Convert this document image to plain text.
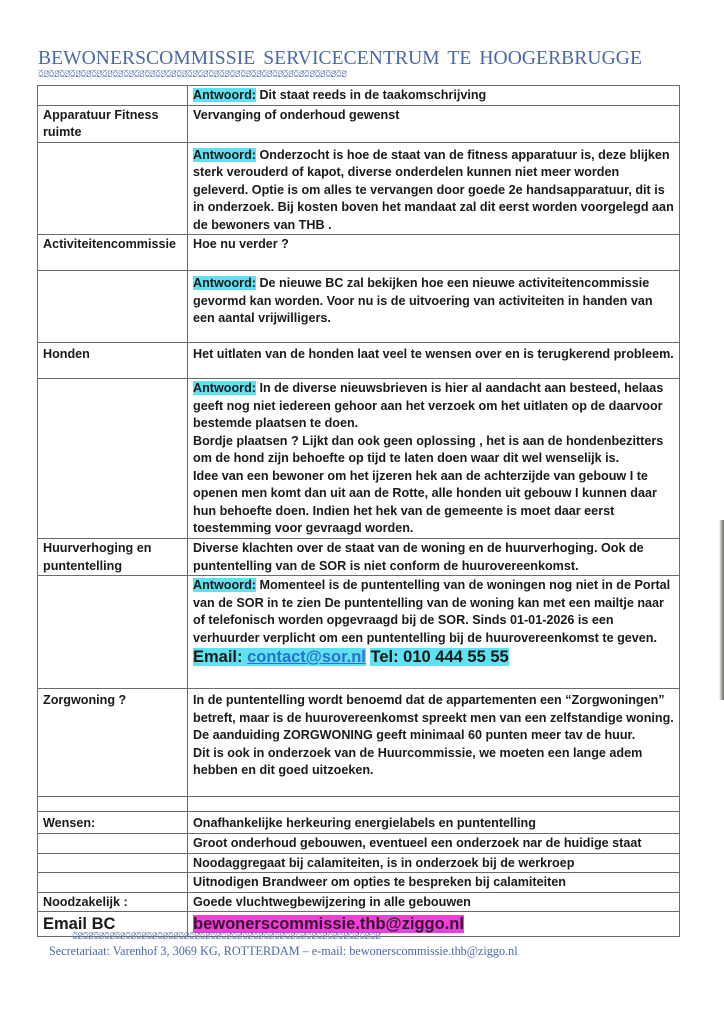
BEWONERSCOMMISSIE SERVICECENTRUM TE HOOGERBRUGGE
ꗞꗟꗞꗟꗞꗟꗞꗟꗞꗟꗞꗟꗞꗟꗞꗟꗞꗟꗞꗟꗞꗟꗞꗟꗞꗟꗞꗟꗞꗟꗞꗟꗞꗟꗞꗟꗞꗟꗞꗟꗞꗟꗞꗟꗞꗟꗞꗟꗞꗟꗞꗟꗞꗟꗞꗟꗞꗟ
	Antwoord: Dit staat reeds in de taakomschrijving
Apparatuur Fitness ruimte	Vervanging of onderhoud gewenst
	Antwoord: Onderzocht is hoe de staat van de fitness apparatuur is, deze blijken sterk verouderd of kapot, diverse onderdelen kunnen niet meer worden geleverd. Optie is om alles te vervangen door goede 2e handsapparatuur, dit is in onderzoek. Bij kosten boven het mandaat zal dit eerst worden voorgelegd aan de bewoners van THB .
Activiteitencommissie	Hoe nu verder ?
	Antwoord: De nieuwe BC zal bekijken hoe een nieuwe activiteitencommissie gevormd kan worden. Voor nu is de uitvoering van activiteiten in handen van een aantal vrijwilligers.
Honden	Het uitlaten van de honden laat veel te wensen over en is terugkerend probleem.

	Antwoord: In de diverse nieuwsbrieven is hier al aandacht aan besteed, helaas geeft nog niet iedereen gehoor aan het verzoek om het uitlaten op de daarvoor bestemde plaatsen te doen.
Bordje plaatsen ? Lijkt dan ook geen oplossing , het is aan de hondenbezitters om de hond zijn behoefte op tijd te laten doen waar dit wel wenselijk is.
Idee van een bewoner om het ijzeren hek aan de achterzijde van gebouw I te openen men komt dan uit aan de Rotte, alle honden uit gebouw I kunnen daar hun behoefte doen. Indien het hek van de gemeente is moet daar eerst toestemming voor gevraagd worden.

Huurverhoging en puntentelling	Diverse klachten over de staat van de woning en de huurverhoging. Ook de puntentelling van de SOR is niet conform de huurovereenkomst.

	Antwoord: Momenteel is de puntentelling van de woningen nog niet in de Portal van de SOR in te zien De puntentelling van de woning kan met een mailtje naar of telefonisch worden opgevraagd bij de SOR. Sinds 01-01-2026 is een verhuurder verplicht om een puntentelling bij de huurovereenkomst te geven.
Email: contact@sor.nl Tel: 010 444 55 55

Zorgwoning ?	In de puntentelling wordt benoemd dat de appartementen een “Zorgwoningen” betreft, maar is de huurovereenkomst spreekt men van een zelfstandige woning. De aanduiding ZORGWONING geeft minimaal 60 punten meer tav de huur.
Dit is ook in onderzoek van de Huurcommissie, we moeten een lange adem hebben en dit goed uitzoeken.

Wensen:	Onafhankelijke herkeuring energielabels en puntentelling
	Groot onderhoud gebouwen, eventueel een onderzoek nar de huidige staat
	Noodaggregaat bij calamiteiten, is in onderzoek bij de werkroep
	Uitnodigen Brandweer om opties te bespreken bij calamiteiten
Noodzakelijk :	Goede vluchtwegbewijzering in alle gebouwen
Email BC	bewonerscommissie.thb@ziggo.nl
ꗞꗟꗞꗟꗞꗟꗞꗟꗞꗟꗞꗟꗞꗟꗞꗟꗞꗟꗞꗟꗞꗟꗞꗟꗞꗟꗞꗟꗞꗟꗞꗟꗞꗟꗞꗟꗞꗟꗞꗟꗞꗟꗞꗟꗞꗟꗞꗟꗞꗟꗞꗟꗞꗟꗞꗟꗞꗟ
Secretariaat: Varenhof 3, 3069 KG, ROTTERDAM – e-mail: bewonerscommissie.thb@ziggo.nl
